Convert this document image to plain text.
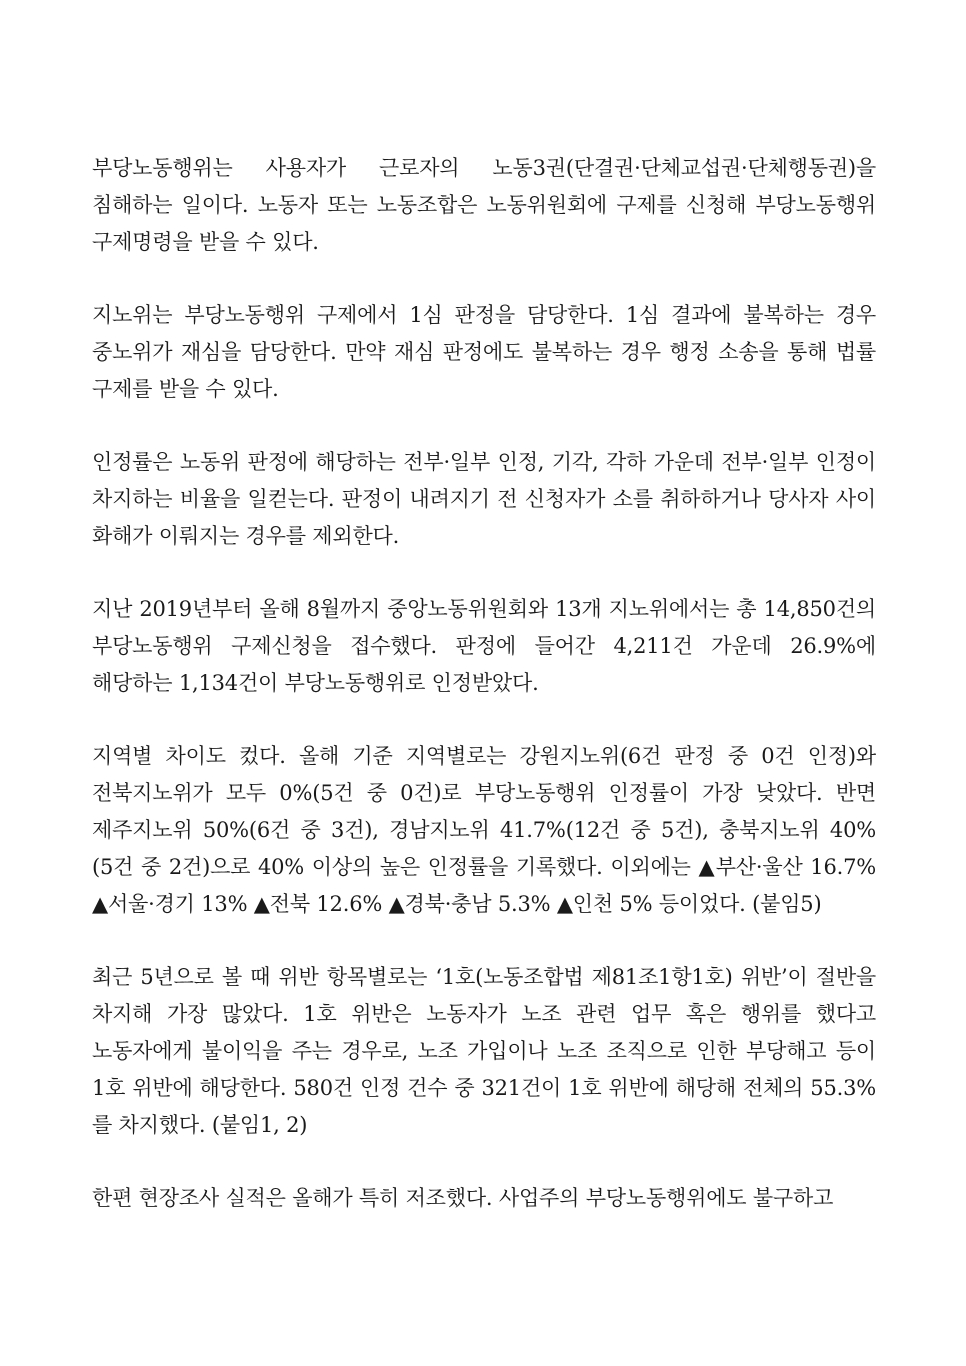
부당노동행위는 사용자가 근로자의 노동3권(단결권·단체교섭권·단체행동권)을 침해하는 일이다. 노동자 또는 노동조합은 노동위원회에 구제를 신청해 부당노동행위 구제명령을 받을 수 있다.

지노위는 부당노동행위 구제에서 1심 판정을 담당한다. 1심 결과에 불복하는 경우 중노위가 재심을 담당한다. 만약 재심 판정에도 불복하는 경우 행정 소송을 통해 법률 구제를 받을 수 있다.

인정률은 노동위 판정에 해당하는 전부·일부 인정, 기각, 각하 가운데 전부·일부 인정이 차지하는 비율을 일컫는다. 판정이 내려지기 전 신청자가 소를 취하하거나 당사자 사이 화해가 이뤄지는 경우를 제외한다.

지난 2019년부터 올해 8월까지 중앙노동위원회와 13개 지노위에서는 총 14,850건의 부당노동행위 구제신청을 접수했다. 판정에 들어간 4,211건 가운데 26.9%에 해당하는 1,134건이 부당노동행위로 인정받았다.

지역별 차이도 컸다. 올해 기준 지역별로는 강원지노위(6건 판정 중 0건 인정)와 전북지노위가 모두 0%(5건 중 0건)로 부당노동행위 인정률이 가장 낮았다. 반면 제주지노위 50%(6건 중 3건), 경남지노위 41.7%(12건 중 5건), 충북지노위 40%(5건 중 2건)으로 40% 이상의 높은 인정률을 기록했다. 이외에는 ▲부산·울산 16.7% ▲서울·경기 13% ▲전북 12.6% ▲경북·충남 5.3% ▲인천 5% 등이었다. (붙임5)

최근 5년으로 볼 때 위반 항목별로는 ‘1호(노동조합법 제81조1항1호) 위반’이 절반을 차지해 가장 많았다. 1호 위반은 노동자가 노조 관련 업무 혹은 행위를 했다고 노동자에게 불이익을 주는 경우로, 노조 가입이나 노조 조직으로 인한 부당해고 등이 1호 위반에 해당한다. 580건 인정 건수 중 321건이 1호 위반에 해당해 전체의 55.3%를 차지했다. (붙임1, 2)

한편 현장조사 실적은 올해가 특히 저조했다. 사업주의 부당노동행위에도 불구하고
